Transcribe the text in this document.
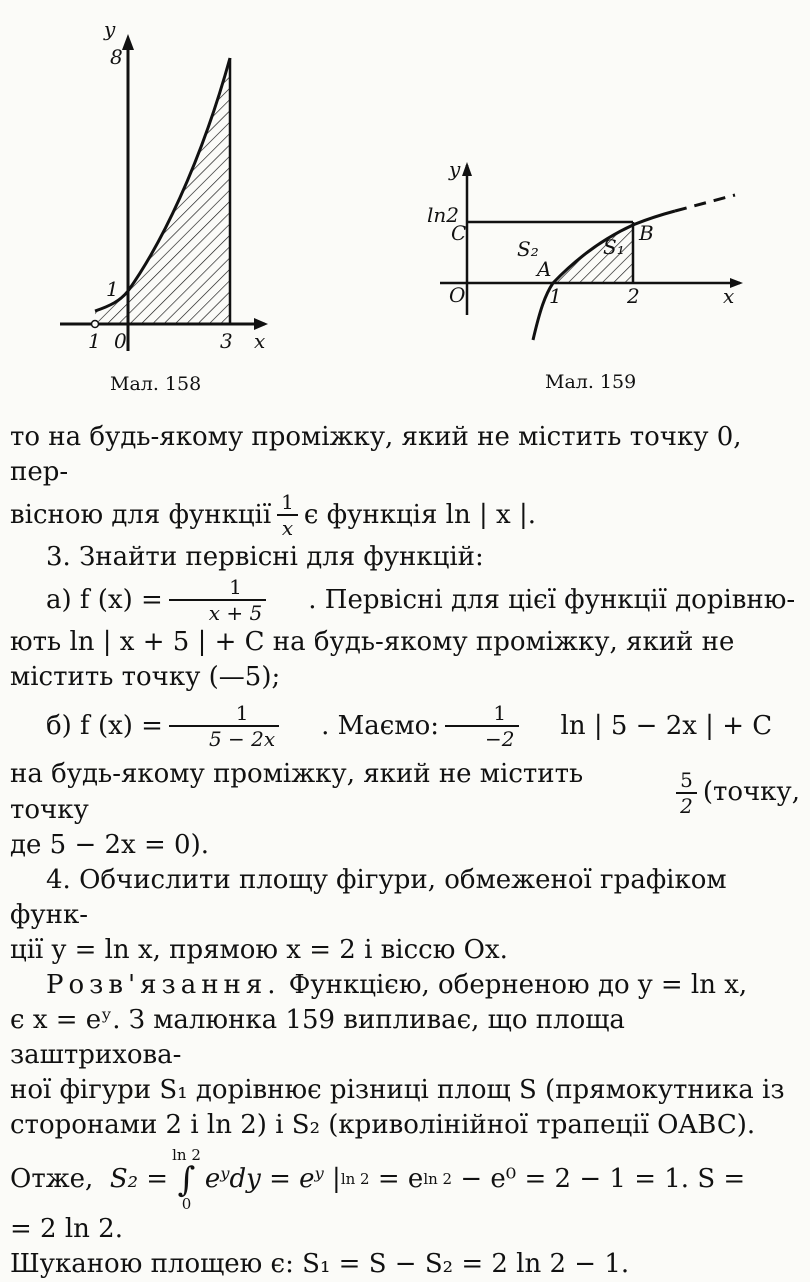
y
8
1
1 0	3 x
Мал. 158
y
ln2
C
O
S₂	S₁
A
B
1	2	x
Мал. 159

то на будь-якому проміжку, який не містить точку 0, пер-

вісною для функції $\frac{1}{x}$ є функція ln | x |.

3. Знайти первісні для функцій:

а) f $(x) = \frac{1}{x + 5}$	. Первісні для цієї функції дорівню-

ють ln | x + 5 | + C на будь-якому проміжку, який не

містить точку (—5);

б) f $(x) = \frac{1}{5 - 2x}$	. Маємо: $\frac{1}{-2}$	ln | 5 − 2x | + C

на будь-якому проміжку, який не містить точку	$\frac{5}{2}$ (точку,

де 5 − 2x = 0).

4. Обчислити площу фігури, обмеженої графіком функ-

ції y = ln x, прямою x = 2 і віссю Ox.

Розв'язання. Функцією, оберненою до y = ln x,

є x = eʸ. З малюнка 159 випливає, що площа заштрихова-

ної фігури S₁ дорівнює різниці площ S (прямокутника із

сторонами 2 і ln 2) і S₂ (криволінійної трапеції OABC).

Отже,
S₂ =
ln 2
∫
0
eʸdy = eʸ | ln 2
= e ln 2
− e⁰ = 2 − 1 = 1. S =

= 2 ln 2.

Шуканою площею є: S₁ = S − S₂ = 2 ln 2 − 1.
